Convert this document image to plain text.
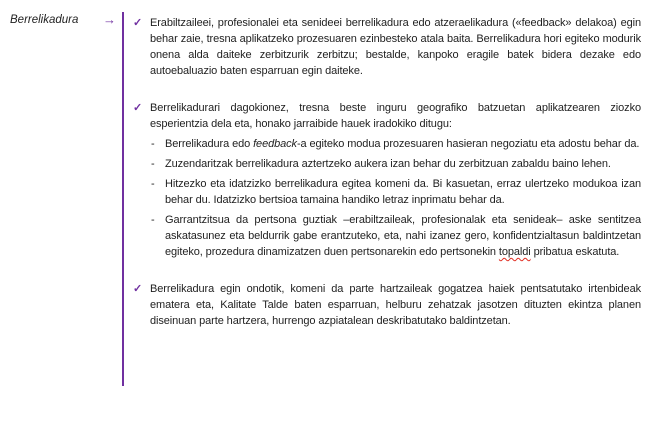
Berrelikadura → ✓ Erabiltzaileei, profesionalei eta senideei berrelikadura edo atzeraelikadura («feedback» delakoa) egin behar zaie, tresna aplikatzeko prozesuaren ezinbesteko atala baita. Berrelikadura hori egiteko modurik onena alda daiteke zerbitzurik zerbitzu; bestalde, kanpoko eragile batek bidera dezake edo autoebaluazio baten esparruan egin daiteke.

✓ Berrelikadurari dagokionez, tresna beste inguru geografiko batzuetan aplikatzearen ziozko esperientzia dela eta, honako jarraibide hauek iradokiko ditugu:

- Berrelikadura edo feedback-a egiteko modua prozesuaren hasieran negoziatu eta adostu behar da.

- Zuzendaritzak berrelikadura aztertzeko aukera izan behar du zerbitzuan zabaldu baino lehen.

- Hitzezko eta idatzizko berrelikadura egitea komeni da. Bi kasuetan, erraz ulertzeko modukoa izan behar du. Idatzizko bertsioa tamaina handiko letraz inprimatu behar da.

- Garrantzitsua da pertsona guztiak –erabiltzaileak, profesionalak eta senideak– aske sentitzea askatasunez eta beldurrik gabe erantzuteko, eta, nahi izanez gero, konfidentzialtasun baldintzetan egiteko, prozedura dinamizatzen duen pertsonarekin edo pertsonekin topaldi pribatua eskatuta.

✓ Berrelikadura egin ondotik, komeni da parte hartzaileak gogatzea haiek pentsatutako irtenbideak ematera eta, Kalitate Talde baten esparruan, helburu zehatzak jasotzen dituzten ekintza planen diseinuan parte hartzera, hurrengo azpiatalean deskribatutako baldintzetan.
